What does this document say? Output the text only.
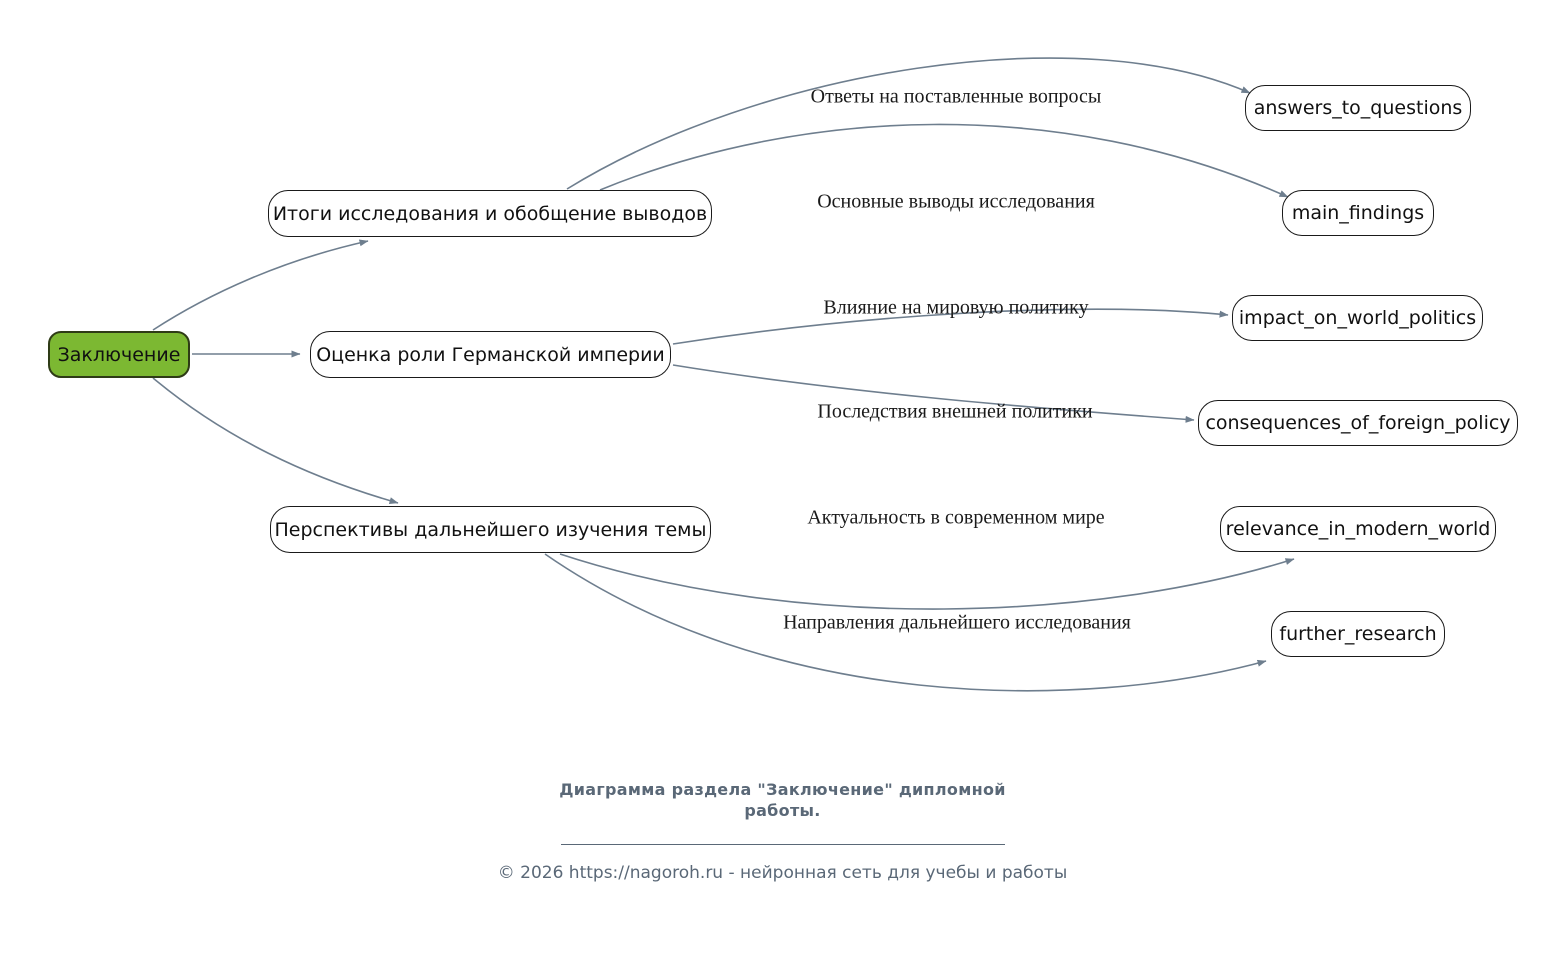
Заключение
Итоги исследования и обобщение выводов
Оценка роли Германской империи
Перспективы дальнейшего изучения темы
answers_to_questions
main_findings
impact_on_world_politics
consequences_of_foreign_policy
relevance_in_modern_world
further_research
Ответы на поставленные вопросы
Основные выводы исследования
Влияние на мировую политику
Последствия внешней политики
Актуальность в современном мире
Направления дальнейшего исследования
Диаграмма раздела "Заключение" дипломной
работы.
© 2026 https://nagoroh.ru - нейронная сеть для учебы и работы
